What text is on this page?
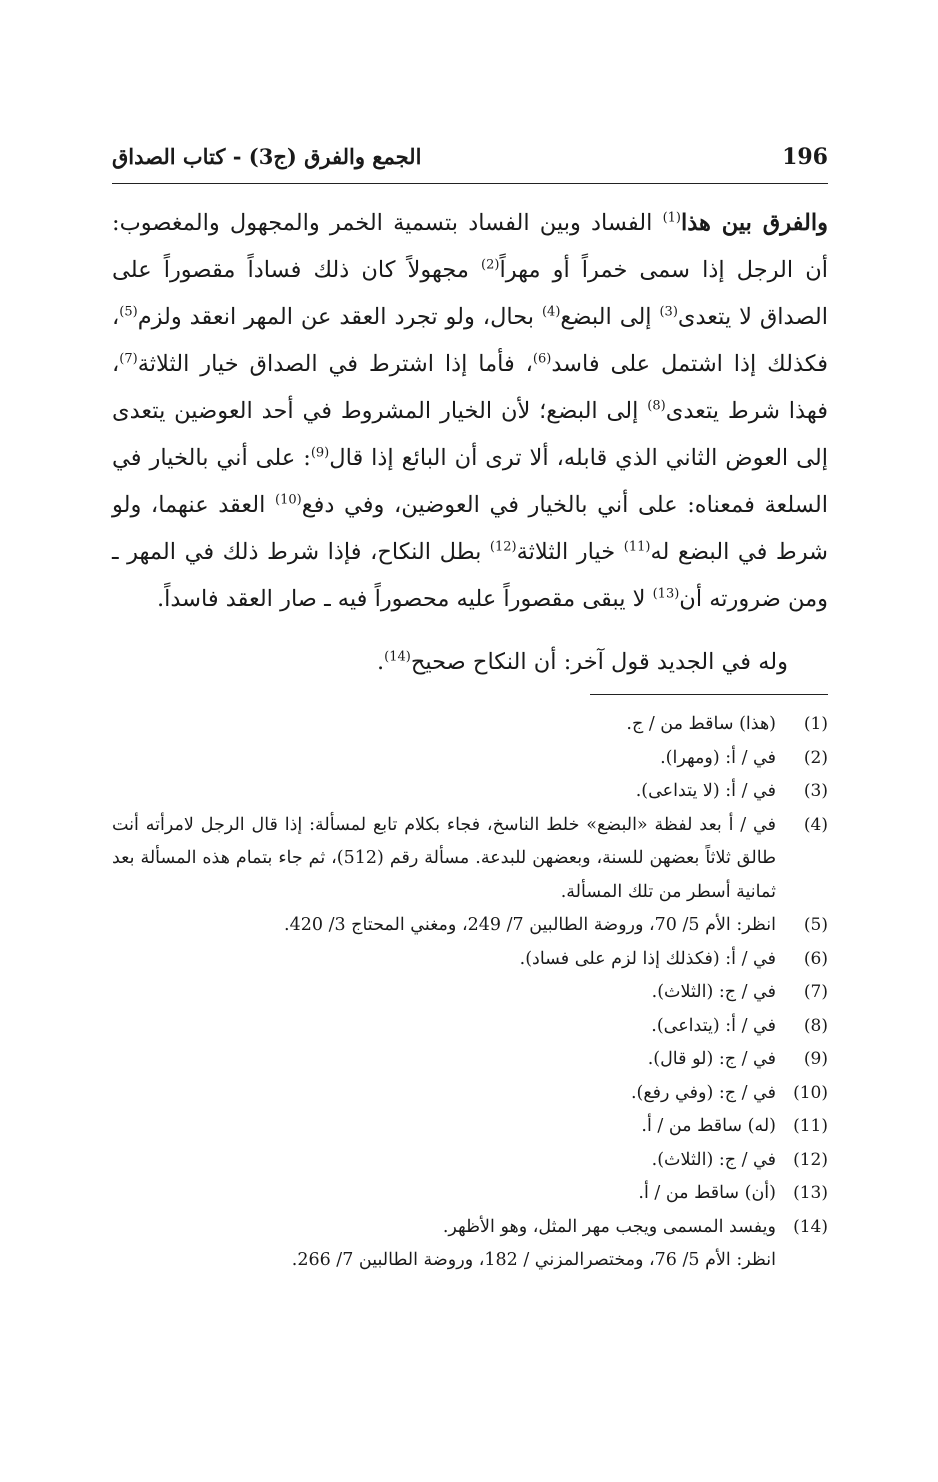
196
الجمع والفرق (ج3) - كتاب الصداق

والفرق بين هذا$^{(1)}$ الفساد وبين الفساد بتسمية الخمر والمجهول والمغصوب: أن الرجل إذا سمى خمراً أو مهراً$^{(2)}$ مجهولاً كان ذلك فساداً مقصوراً على الصداق لا يتعدى$^{(3)}$ إلى البضع$^{(4)}$ بحال، ولو تجرد العقد عن المهر انعقد ولزم$^{(5)}$، فكذلك إذا اشتمل على فاسد$^{(6)}$، فأما إذا اشترط في الصداق خيار الثلاثة$^{(7)}$، فهذا شرط يتعدى$^{(8)}$ إلى البضع؛ لأن الخيار المشروط في أحد العوضين يتعدى إلى العوض الثاني الذي قابله، ألا ترى أن البائع إذا قال$^{(9)}$: على أني بالخيار في السلعة فمعناه: على أني بالخيار في العوضين، وفي دفع$^{(10)}$ العقد عنهما، ولو شرط في البضع له$^{(11)}$ خيار الثلاثة$^{(12)}$ بطل النكاح، فإذا شرط ذلك في المهر ـ ومن ضرورته أن$^{(13)}$ لا يبقى مقصوراً عليه محصوراً فيه ـ صار العقد فاسداً.

وله في الجديد قول آخر: أن النكاح صحيح$^{(14)}$.

(1)
(هذا) ساقط من / ج.
(2)
في / أ: (ومهرا).
(3)
في / أ: (لا يتداعى).
(4)
في / أ بعد لفظة «البضع» خلط الناسخ، فجاء بكلام تابع لمسألة: إذا قال الرجل لامرأته أنت طالق ثلاثاً بعضهن للسنة، وبعضهن للبدعة. مسألة رقم (512)، ثم جاء بتمام هذه المسألة بعد ثمانية أسطر من تلك المسألة.
(5)
انظر: الأم 5/ 70، وروضة الطالبين 7/ 249، ومغني المحتاج 3/ 420.
(6)
في / أ: (فكذلك إذا لزم على فساد).
(7)
في / ج: (الثلاث).
(8)
في / أ: (يتداعى).
(9)
في / ج: (لو قال).
(10)
في / ج: (وفي رفع).
(11)
(له) ساقط من / أ.
(12)
في / ج: (الثلاث).
(13)
(أن) ساقط من / أ.
(14)
ويفسد المسمى ويجب مهر المثل، وهو الأظهر.
انظر: الأم 5/ 76، ومختصرالمزني / 182، وروضة الطالبين 7/ 266.
